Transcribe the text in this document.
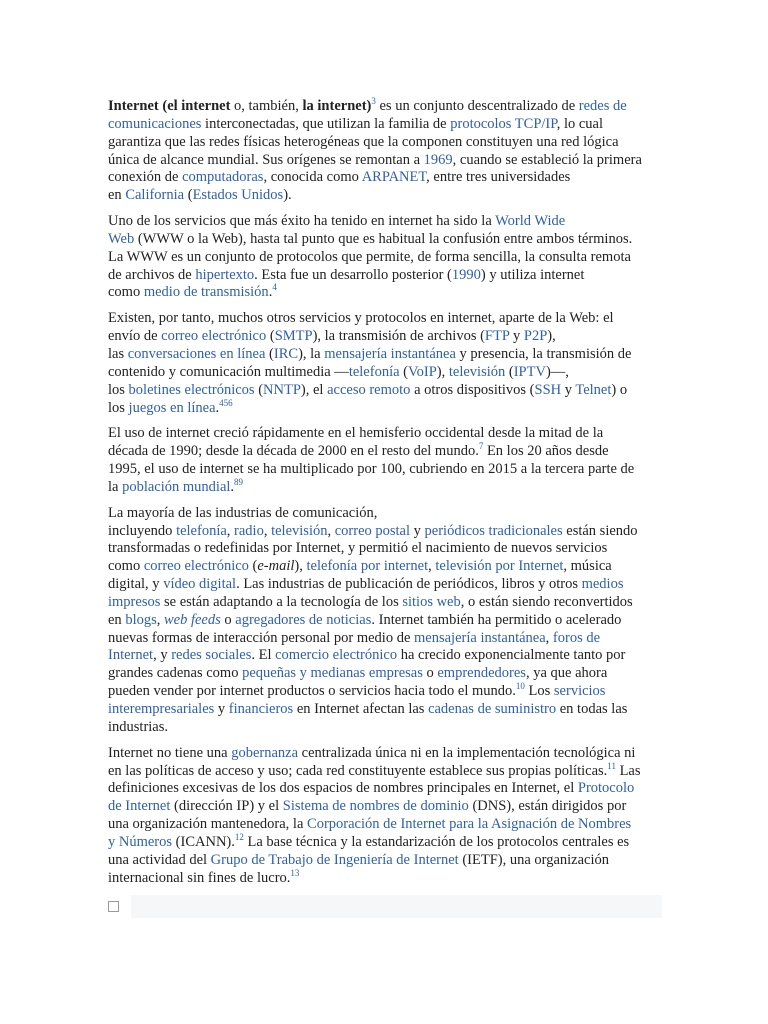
Internet (el internet o, también, la internet)$^3$ es un conjunto descentralizado de redes de
comunicaciones interconectadas, que utilizan la familia de protocolos TCP/IP, lo cual
garantiza que las redes físicas heterogéneas que la componen constituyen una red lógica
única de alcance mundial. Sus orígenes se remontan a 1969, cuando se estableció la primera
conexión de computadoras, conocida como ARPANET, entre tres universidades
en California (Estados Unidos).

Uno de los servicios que más éxito ha tenido en internet ha sido la World Wide
Web (WWW o la Web), hasta tal punto que es habitual la confusión entre ambos términos.
La WWW es un conjunto de protocolos que permite, de forma sencilla, la consulta remota
de archivos de hipertexto. Esta fue un desarrollo posterior (1990) y utiliza internet
como medio de transmisión.$^4$

Existen, por tanto, muchos otros servicios y protocolos en internet, aparte de la Web: el
envío de correo electrónico (SMTP), la transmisión de archivos (FTP y P2P),
las conversaciones en línea (IRC), la mensajería instantánea y presencia, la transmisión de
contenido y comunicación multimedia —telefonía (VoIP), televisión (IPTV)—,
los boletines electrónicos (NNTP), el acceso remoto a otros dispositivos (SSH y Telnet) o
los juegos en línea.$^{456}$

El uso de internet creció rápidamente en el hemisferio occidental desde la mitad de la
década de 1990; desde la década de 2000 en el resto del mundo.$^7$ En los 20 años desde
1995, el uso de internet se ha multiplicado por 100, cubriendo en 2015 a la tercera parte de
la población mundial.$^{89}$

La mayoría de las industrias de comunicación,
incluyendo telefonía, radio, televisión, correo postal y periódicos tradicionales están siendo
transformadas o redefinidas por Internet, y permitió el nacimiento de nuevos servicios
como correo electrónico (e-mail), telefonía por internet, televisión por Internet, música
digital, y vídeo digital. Las industrias de publicación de periódicos, libros y otros medios
impresos se están adaptando a la tecnología de los sitios web, o están siendo reconvertidos
en blogs, web feeds o agregadores de noticias. Internet también ha permitido o acelerado
nuevas formas de interacción personal por medio de mensajería instantánea, foros de
Internet, y redes sociales. El comercio electrónico ha crecido exponencialmente tanto por
grandes cadenas como pequeñas y medianas empresas o emprendedores, ya que ahora
pueden vender por internet productos o servicios hacia todo el mundo.$^{10}$ Los servicios
interempresariales y financieros en Internet afectan las cadenas de suministro en todas las
industrias.

Internet no tiene una gobernanza centralizada única ni en la implementación tecnológica ni
en las políticas de acceso y uso; cada red constituyente establece sus propias políticas.$^{11}$ Las
definiciones excesivas de los dos espacios de nombres principales en Internet, el Protocolo
de Internet (dirección IP) y el Sistema de nombres de dominio (DNS), están dirigidos por
una organización mantenedora, la Corporación de Internet para la Asignación de Nombres
y Números (ICANN).$^{12}$ La base técnica y la estandarización de los protocolos centrales es
una actividad del Grupo de Trabajo de Ingeniería de Internet (IETF), una organización
internacional sin fines de lucro.$^{13}$
